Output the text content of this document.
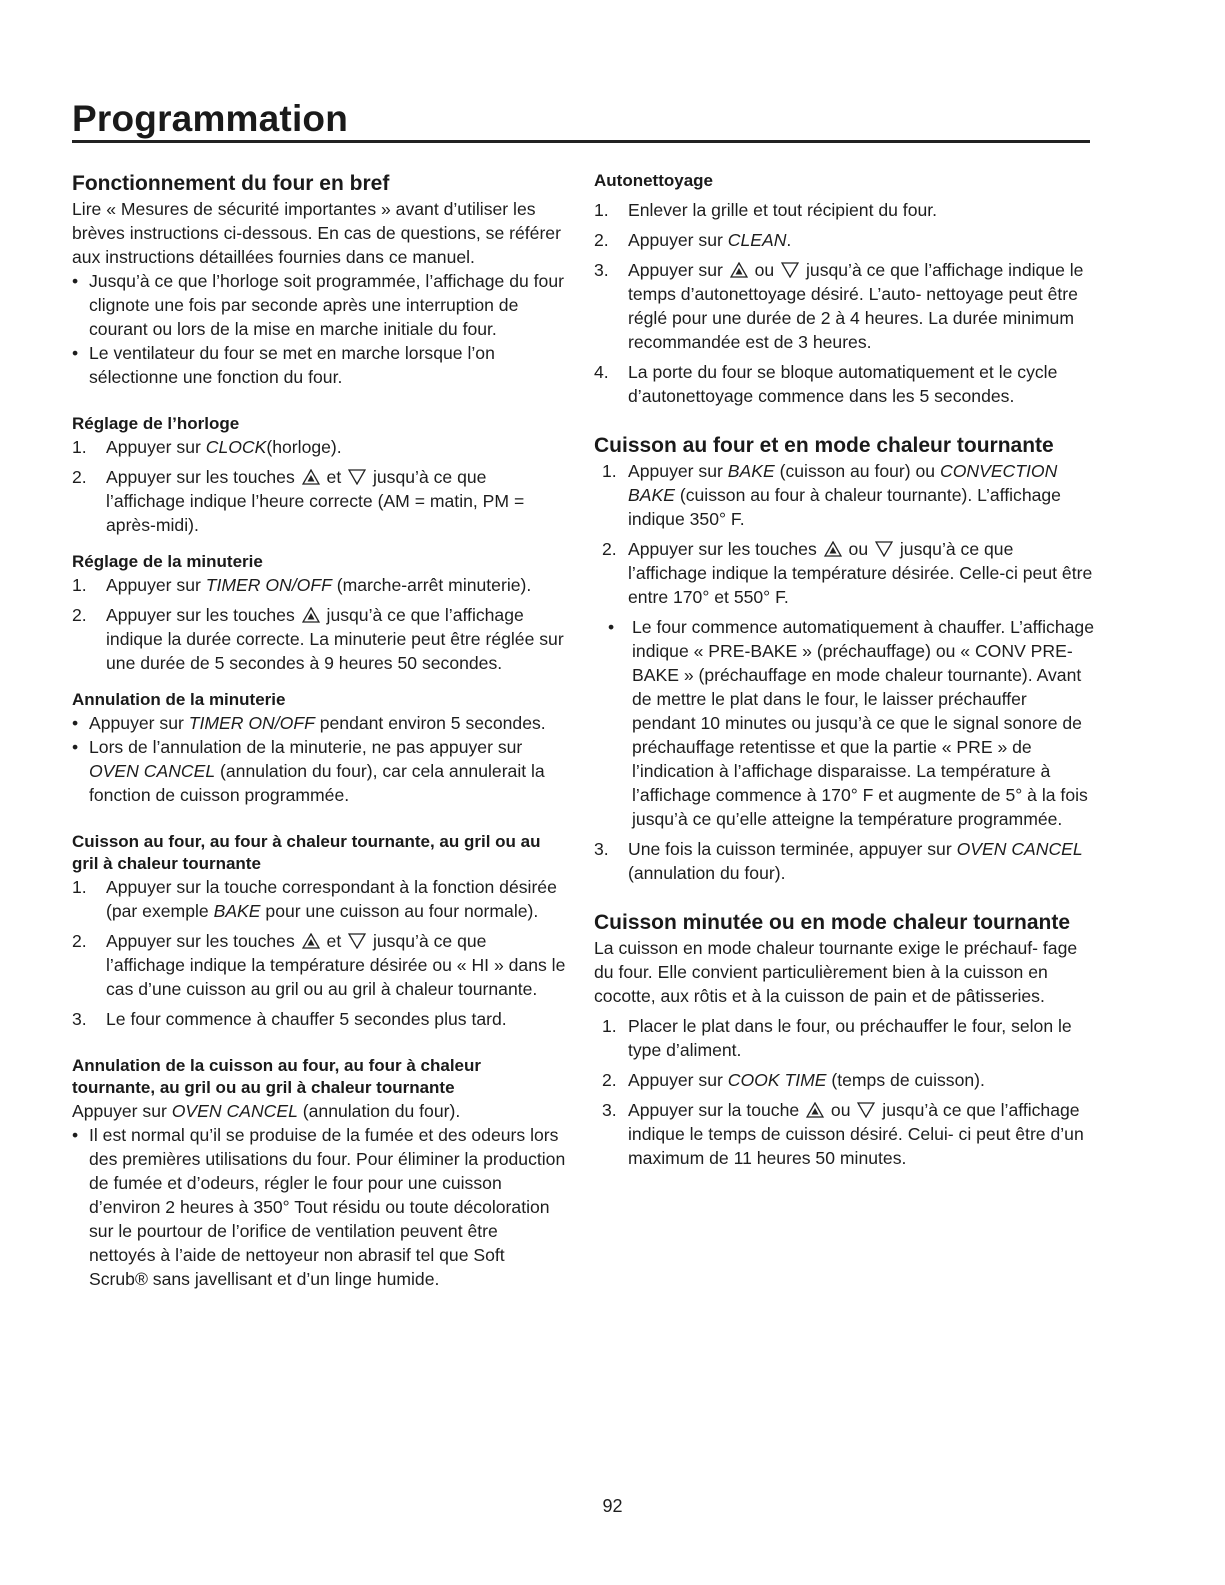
Programmation
Fonctionnement du four en bref

Lire « Mesures de sécurité importantes » avant d’utiliser les brèves instructions ci-dessous. En cas de questions, se référer aux instructions détaillées fournies dans ce manuel.

• Jusqu’à ce que l’horloge soit programmée, l’affichage du four clignote une fois par seconde après une interruption de courant ou lors de la mise en marche initiale du four.
• Le ventilateur du four se met en marche lorsque l’on sélectionne une fonction du four.
Réglage de l’horloge
1. Appuyer sur CLOCK(horloge).
2. Appuyer sur les touches  et  jusqu’à ce que l’affichage indique l’heure correcte (AM = matin, PM = après-midi).
Réglage de la minuterie
1. Appuyer sur TIMER ON/OFF (marche-arrêt minuterie).
2. Appuyer sur les touches  jusqu’à ce que l’affichage indique la durée correcte. La minuterie peut être réglée sur une durée de 5 secondes à 9 heures 50 secondes.
Annulation de la minuterie
• Appuyer sur TIMER ON/OFF pendant environ 5 secondes.
• Lors de l’annulation de la minuterie, ne pas appuyer sur OVEN CANCEL (annulation du four), car cela annulerait la fonction de cuisson programmée.
Cuisson au four, au four à chaleur tournante, au gril ou au gril à chaleur tournante
1. Appuyer sur la touche correspondant à la fonction désirée (par exemple BAKE pour une cuisson au four normale).
2. Appuyer sur les touches  et  jusqu’à ce que l’affichage indique la température désirée ou « HI » dans le cas d’une cuisson au gril ou au gril à chaleur tournante.
3. Le four commence à chauffer 5 secondes plus tard.
Annulation de la cuisson au four, au four à chaleur tournante, au gril ou au gril à chaleur tournante

Appuyer sur OVEN CANCEL (annulation du four).

• Il est normal qu’il se produise de la fumée et des odeurs lors des premières utilisations du four. Pour éliminer la production de fumée et d’odeurs, régler le four pour une cuisson d’environ 2 heures à 350° Tout résidu ou toute décoloration sur le pourtour de l’orifice de ventilation peuvent être nettoyés à l’aide de nettoyeur non abrasif tel que Soft Scrub® sans javellisant et d’un linge humide.
Autonettoyage
1. Enlever la grille et tout récipient du four.
2. Appuyer sur CLEAN.
3. Appuyer sur  ou  jusqu’à ce que l’affichage indique le temps d’autonettoyage désiré. L’auto- nettoyage peut être réglé pour une durée de 2 à 4 heures. La durée minimum recommandée est de 3 heures.
4. La porte du four se bloque automatiquement et le cycle d’autonettoyage commence dans les 5 secondes.
Cuisson au four et en mode chaleur tournante
1. Appuyer sur BAKE (cuisson au four) ou CONVECTION BAKE (cuisson au four à chaleur tournante). L’affichage indique 350° F.
2. Appuyer sur les touches  ou  jusqu’à ce que l’affichage indique la température désirée. Celle-ci peut être entre 170° et 550° F.
• Le four commence automatiquement à chauffer. L’affichage indique « PRE-BAKE » (préchauffage) ou « CONV PRE-BAKE » (préchauffage en mode chaleur tournante). Avant de mettre le plat dans le four, le laisser préchauffer pendant 10 minutes ou jusqu’à ce que le signal sonore de préchauffage retentisse et que la partie « PRE » de l’indication à l’affichage disparaisse. La température à l’affichage commence à 170° F et augmente de 5° à la fois jusqu’à ce qu’elle atteigne la température programmée.
3. Une fois la cuisson terminée, appuyer sur OVEN CANCEL (annulation du four).
Cuisson minutée ou en mode chaleur tournante

La cuisson en mode chaleur tournante exige le préchauf- fage du four. Elle convient particulièrement bien à la cuisson en cocotte, aux rôtis et à la cuisson de pain et de pâtisseries.

1. Placer le plat dans le four, ou préchauffer le four, selon le type d’aliment.
2. Appuyer sur COOK TIME (temps de cuisson).
3. Appuyer sur la touche  ou  jusqu’à ce que l’affichage indique le temps de cuisson désiré. Celui- ci peut être d’un maximum de 11 heures 50 minutes.
92
